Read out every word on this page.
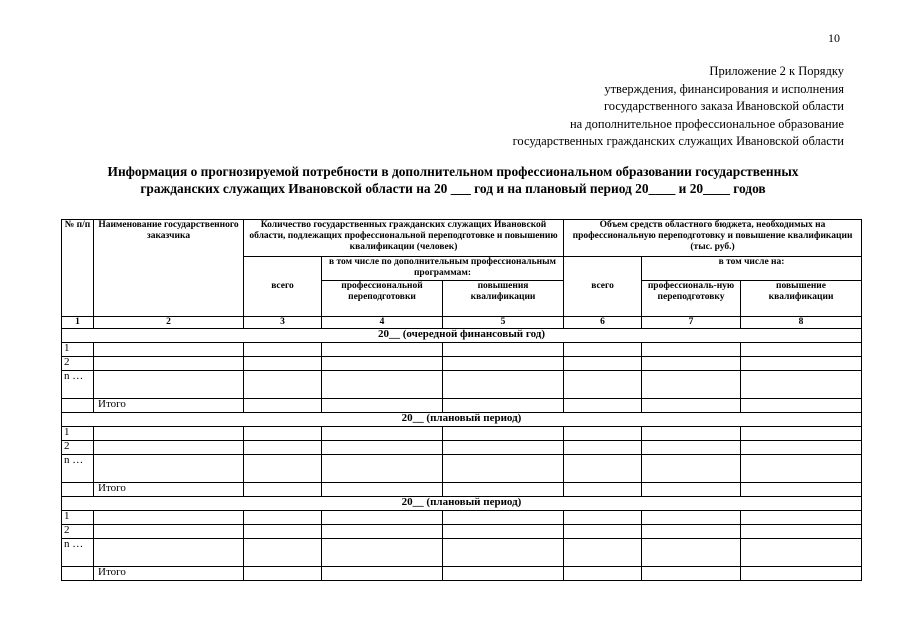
10
Приложение 2 к Порядку
утверждения, финансирования и исполнения
государственного заказа Ивановской области
на дополнительное профессиональное образование
государственных гражданских служащих Ивановской области
Информация о прогнозируемой потребности в дополнительном профессиональном образовании государственных
гражданских служащих Ивановской области на 20 ___ год и на плановый период 20____ и 20____ годов
№ п/п	Наименование государственного заказчика	Количество государственных гражданских служащих Ивановской области, подлежащих профессиональной переподготовке и повышению квалификации (человек)			Объем средств областного бюджета, необходимых на профессиональную переподготовку и повышение квалификации (тыс. руб.)		
		всего	в том числе по дополнительным профессиональным программам:		всего	в том числе на:	
			профессиональной переподготовки	повышения квалификации		профессиональ-ную переподготовку	повышение квалификации
1	2	3	4	5	6	7	8
20__ (очередной финансовый год)							
1							
2							
n …							
	Итого						
20__ (плановый период)							
1							
2							
n …							
	Итого						
20__ (плановый период)							
1							
2							
n …							
	Итого						
